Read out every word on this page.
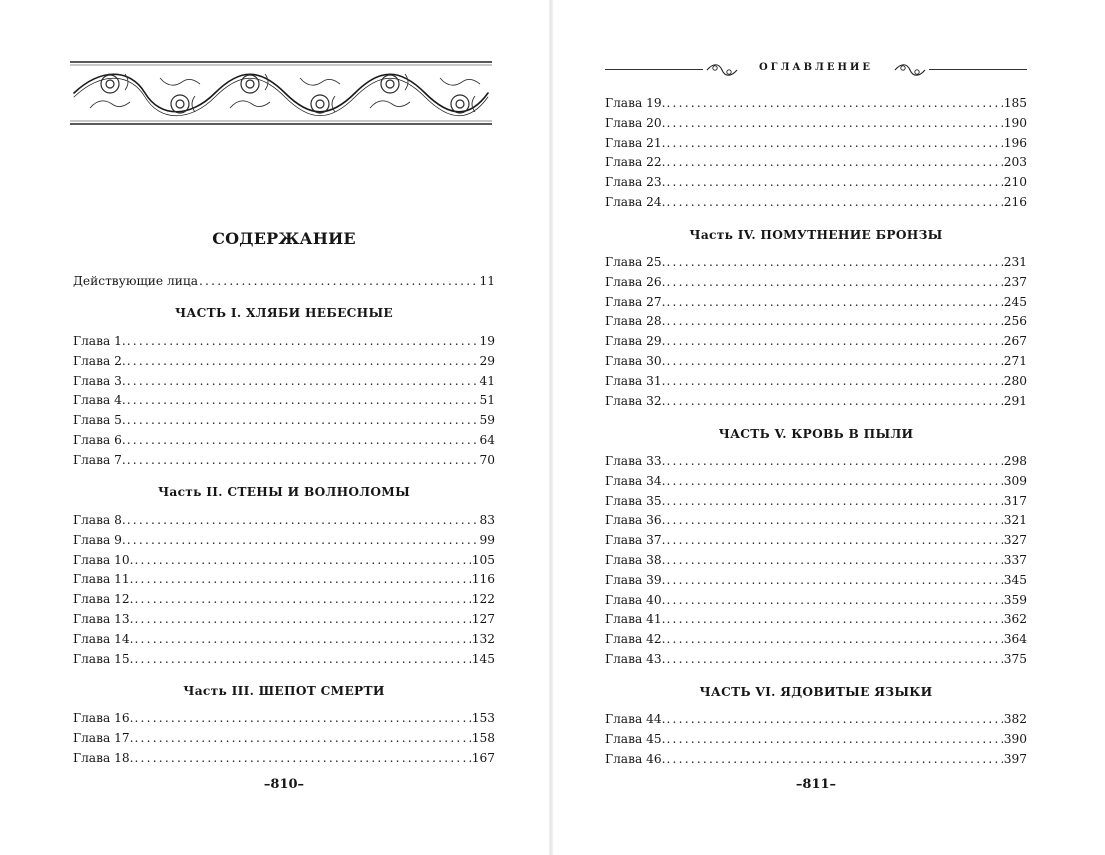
СОДЕРЖАНИЕ
Действующие лица .....	11
ЧАСТЬ I. ХЛЯБИ НЕБЕСНЫЕ
Глава 1. .....	19
Глава 2. .....	29
Глава 3. .....	41
Глава 4. .....	51
Глава 5. .....	59
Глава 6. .....	64
Глава 7. .....	70
Часть II. СТЕНЫ И ВОЛНОЛОМЫ
Глава 8. .....	83
Глава 9. .....	99
Глава 10. .....	105
Глава 11. .....	116
Глава 12. .....	122
Глава 13. .....	127
Глава 14. .....	132
Глава 15. .....	145
Часть III. ШЕПОТ СМЕРТИ
Глава 16. .....	153
Глава 17. .....	158
Глава 18. .....	167
–810–
ОГЛАВЛЕНИЕ
Глава 19. .....	185
Глава 20. .....	190
Глава 21. .....	196
Глава 22. .....	203
Глава 23. .....	210
Глава 24. .....	216
Часть IV. ПОМУТНЕНИЕ БРОНЗЫ
Глава 25. .....	231
Глава 26. .....	237
Глава 27. .....	245
Глава 28. .....	256
Глава 29. .....	267
Глава 30. .....	271
Глава 31. .....	280
Глава 32. .....	291
ЧАСТЬ V. КРОВЬ В ПЫЛИ
Глава 33. .....	298
Глава 34. .....	309
Глава 35. .....	317
Глава 36. .....	321
Глава 37. .....	327
Глава 38. .....	337
Глава 39. .....	345
Глава 40. .....	359
Глава 41. .....	362
Глава 42. .....	364
Глава 43. .....	375
ЧАСТЬ VI. ЯДОВИТЫЕ ЯЗЫКИ
Глава 44. .....	382
Глава 45. .....	390
Глава 46. .....	397
–811–
